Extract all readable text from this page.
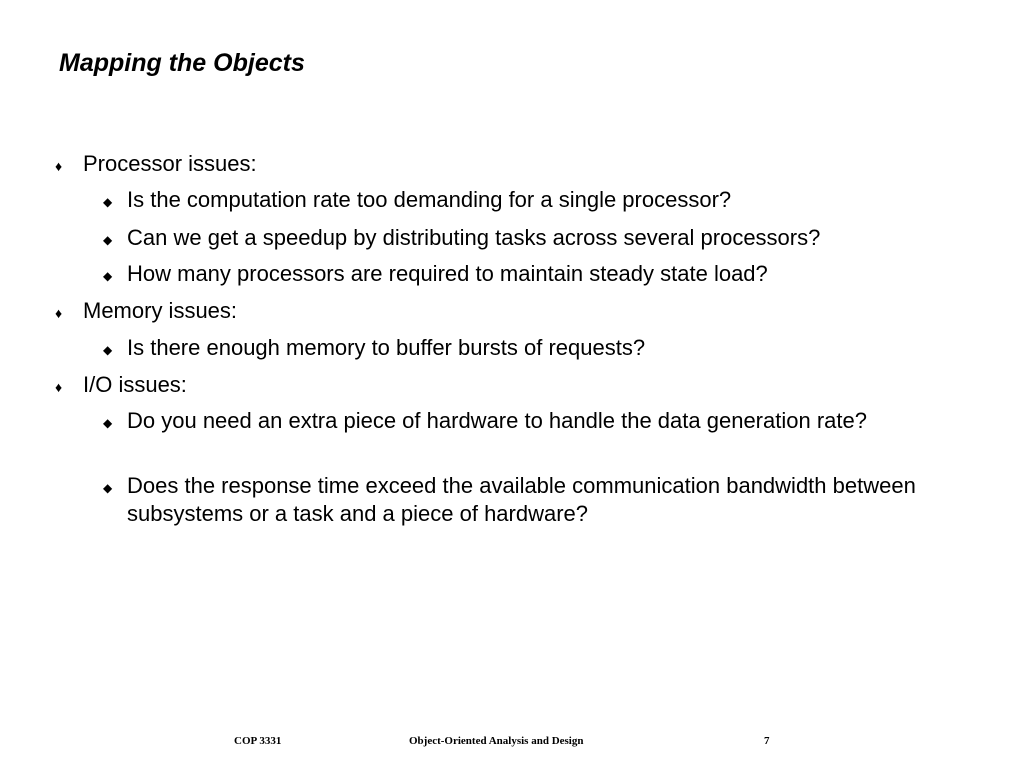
Mapping the Objects
♦ Processor issues:
◆ Is the computation rate too demanding for a single processor?
◆ Can we get a speedup by distributing tasks across several processors?
◆ How many processors are required to maintain steady state load?
♦ Memory issues:
◆ Is there enough memory to buffer bursts of requests?
♦ I/O issues:
◆ Do you need an extra piece of hardware to handle the data generation rate?
◆ Does the response time exceed the available communication bandwidth between subsystems or a task and a piece of hardware?
COP 3331	Object-Oriented Analysis and Design	7
